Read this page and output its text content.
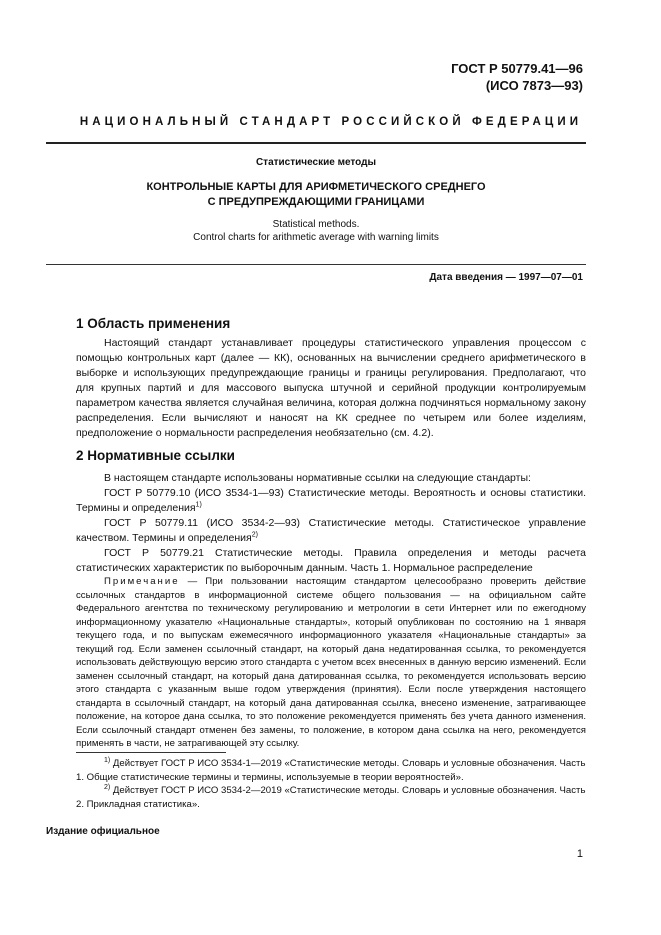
ГОСТ Р 50779.41—96
(ИСО 7873—93)
НАЦИОНАЛЬНЫЙ СТАНДАРТ РОССИЙСКОЙ ФЕДЕРАЦИИ
Статистические методы
КОНТРОЛЬНЫЕ КАРТЫ ДЛЯ АРИФМЕТИЧЕСКОГО СРЕДНЕГО
С ПРЕДУПРЕЖДАЮЩИМИ ГРАНИЦАМИ
Statistical methods.
Control charts for arithmetic average with warning limits
Дата введения — 1997—07—01
1 Область применения

Настоящий стандарт устанавливает процедуры статистического управления процессом с помощью контрольных карт (далее — КК), основанных на вычислении среднего арифметического в выборке и использующих предупреждающие границы и границы регулирования. Предполагают, что для крупных партий и для массового выпуска штучной и серийной продукции контролируемым параметром качества является случайная величина, которая должна подчиняться нормальному закону распределения. Если вычисляют и наносят на КК среднее по четырем или более изделиям, предположение о нормальности распределения необязательно (см. 4.2).

2 Нормативные ссылки

В настоящем стандарте использованы нормативные ссылки на следующие стандарты:

ГОСТ Р 50779.10 (ИСО 3534-1—93) Статистические методы. Вероятность и основы статистики. Термины и определения$^{1)}$

ГОСТ Р 50779.11 (ИСО 3534-2—93) Статистические методы. Статистическое управление качеством. Термины и определения$^{2)}$

ГОСТ Р 50779.21 Статистические методы. Правила определения и методы расчета статистических характеристик по выборочным данным. Часть 1. Нормальное распределение

Примечание — При пользовании настоящим стандартом целесообразно проверить действие ссылочных стандартов в информационной системе общего пользования — на официальном сайте Федерального агентства по техническому регулированию и метрологии в сети Интернет или по ежегодному информационному указателю «Национальные стандарты», который опубликован по состоянию на 1 января текущего года, и по выпускам ежемесячного информационного указателя «Национальные стандарты» за текущий год. Если заменен ссылочный стандарт, на который дана недатированная ссылка, то рекомендуется использовать действующую версию этого стандарта с учетом всех внесенных в данную версию изменений. Если заменен ссылочный стандарт, на который дана датированная ссылка, то рекомендуется использовать версию этого стандарта с указанным выше годом утверждения (принятия). Если после утверждения настоящего стандарта в ссылочный стандарт, на который дана датированная ссылка, внесено изменение, затрагивающее положение, на которое дана ссылка, то это положение рекомендуется применять без учета данного изменения. Если ссылочный стандарт отменен без замены, то положение, в котором дана ссылка на него, рекомендуется применять в части, не затрагивающей эту ссылку.

$^{1)}$ Действует ГОСТ Р ИСО 3534-1—2019 «Статистические методы. Словарь и условные обозначения. Часть 1. Общие статистические термины и термины, используемые в теории вероятностей».

$^{2)}$ Действует ГОСТ Р ИСО 3534-2—2019 «Статистические методы. Словарь и условные обозначения. Часть 2. Прикладная статистика».

Издание официальное
1
